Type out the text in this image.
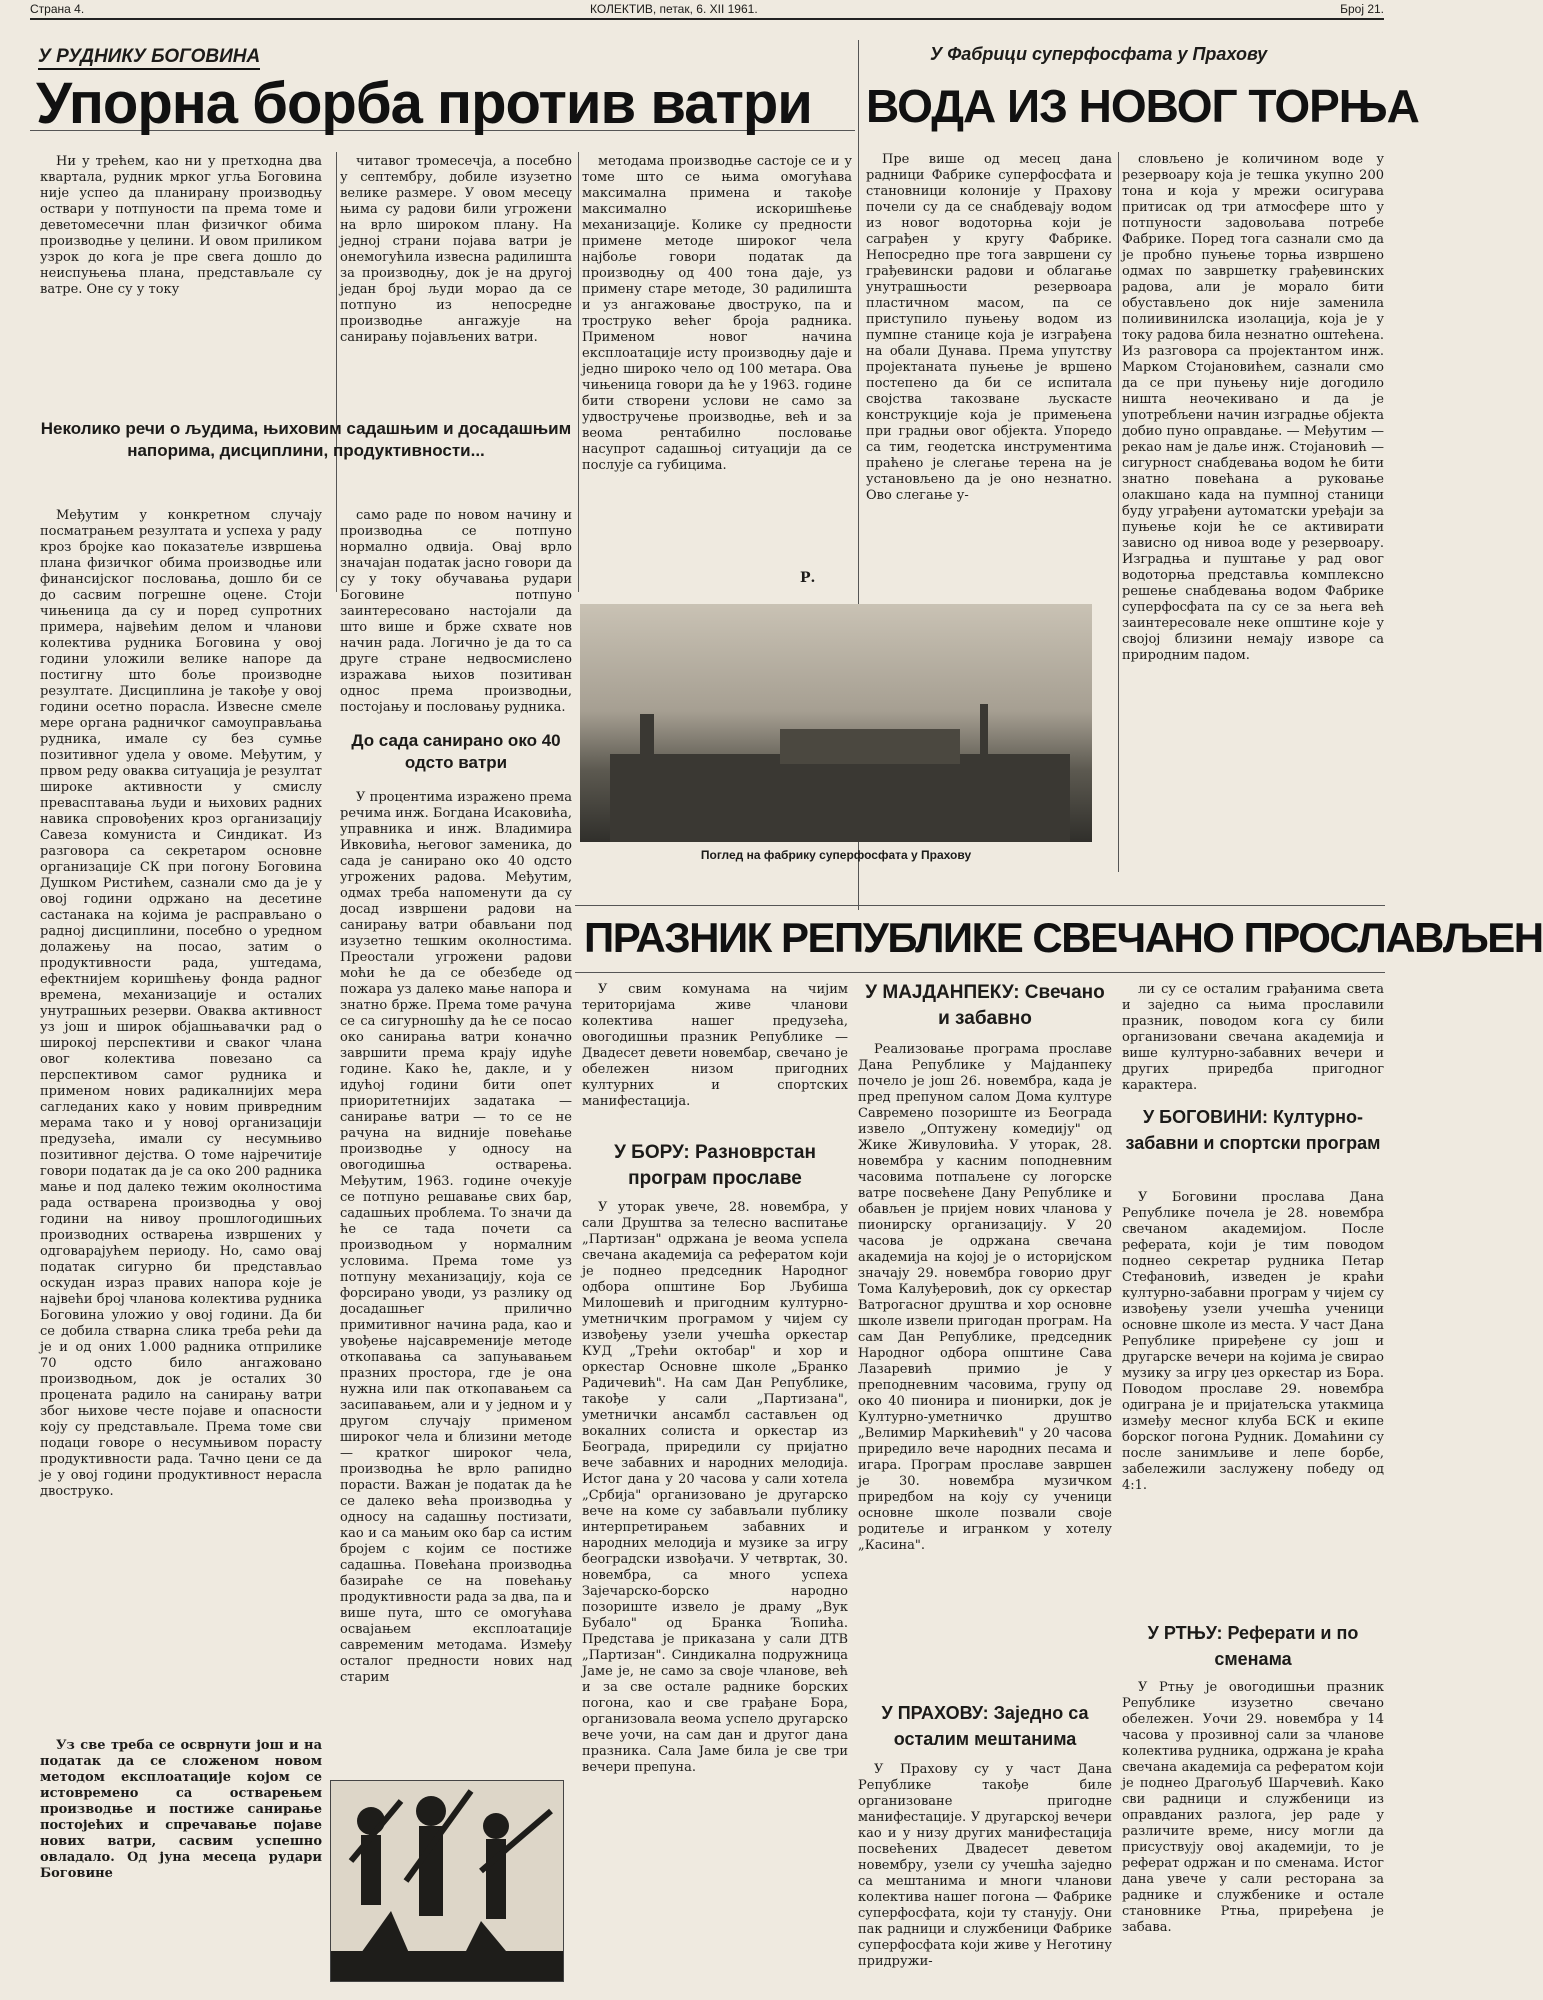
Страна 4.	КОЛЕКТИВ, петак, 6. XII 1961.	Број 21.
У РУДНИКУ БОГОВИНА
Упорна борба против ватри

Ни у трећем, као ни у претходна два квартала, рудник мрког угља Боговина није успео да планирану производњу оствари у потпуности па према томе и деветомесечни план физичког обима производње у целини. И овом приликом узрок до кога је пре свега дошло до неиспуњења плана, представљале су ватре. Оне су у току

читавог тромесечја, а посебно у септембру, добиле изузетно велике размере. У овом месецу њима су радови били угрожени на врло широком плану. На једној страни појава ватри је онемогућила извесна радилишта за производњу, док је на другој један број људи морао да се потпуно из непосредне производње ангажује на санирању појављених ватри.

Неколико речи о људима, њиховим садашњим и досадашњим напорима, дисциплини, продуктивности...

Међутим у конкретном случају посматрањем резултата и успеха у раду кроз бројке као показатеље извршења плана физичког обима производње или финансијског пословања, дошло би се до сасвим погрешне оцене. Стоји чињеница да су и поред супротних примера, највећим делом и чланови колектива рудника Боговина у овој години уложили велике напоре да постигну што боље производне резултате. Дисциплина је такође у овој години осетно порасла. Извесне смеле мере органа радничког самоуправљања рудника, имале су без сумње позитивног удела у овоме. Међутим, у првом реду оваква ситуација је резултат широке активности у смислу превасптавања људи и њихових радних навика спровођених кроз организацију Савеза комуниста и Синдикат. Из разговора са секретаром основне организације СК при погону Боговина Душком Ристићем, сазнали смо да је у овој години одржано на десетине састанака на којима је расправљано о радној дисциплини, посебно о уредном долажењу на посао, затим о продуктивности рада, уштедама, ефектнијем коришћењу фонда радног времена, механизације и осталих унутрашњих резерви. Оваква активност уз још и широк објашњавачки рад о широкој перспективи и сваког члана овог колектива повезано са перспективом самог рудника и применом нових радикалнијих мера сагледаних како у новим привредним мерама тако и у новој организацији предузећа, имали су несумњиво позитивног дејства. О томе најречитије говори податак да је са око 200 радника мање и под далеко тежим околностима рада остварена производња у овој години на нивоу прошлогодишњих производних остварења извршених у одговарајућем периоду. Но, само овај податак сигурно би представљао оскудан израз правих напора које је највећи број чланова колектива рудника Боговина уложио у овој години. Да би се добила стварна слика треба рећи да је и од оних 1.000 радника отприлике 70 одсто било ангажовано производњом, док је осталих 30 процената радило на санирању ватри због њихове честе појаве и опасности коју су представљале. Према томе сви подаци говоре о несумњивом порасту продуктивности рада. Тачно цени се да је у овој години продуктивност нерасла двоструко.

Уз све треба се осврнути још и на податак да се сложеном новом методом експлоатације којом се истовремено са остварењем производње и постиже санирање постојећих и спречавање појаве нових ватри, сасвим успешно овладало. Од јуна месеца рудари Боговине

само раде по новом начину и производња се потпуно нормално одвија. Овај врло значајан податак јасно говори да су у току обучавања рудари Боговине потпуно заинтересовано настојали да што више и брже схвате нов начин рада. Логично је да то са друге стране недвосмислено изражава њихов позитиван однос према производњи, постојању и пословању рудника.

До сада санирано око 40 одсто ватри

У процентима изражено према речима инж. Богдана Исаковића, управника и инж. Владимира Ивковића, његовог заменика, до сада је санирано око 40 одсто угрожених радова. Међутим, одмах треба напоменути да су досад извршени радови на санирању ватри обављани под изузетно тешким околностима. Преостали угрожени радови моћи ће да се обезбеде од пожара уз далеко мање напора и знатно брже. Према томе рачуна се са сигурношћу да ће се посао око санирања ватри коначно завршити према крају идуће године. Како ће, дакле, и у идућој години бити опет приоритетнијих задатака — санирање ватри — то се не рачуна на видније повећање производње у односу на овогодишња остварења. Међутим, 1963. године очекује се потпуно решавање свих бар, садашњих проблема. То значи да ће се тада почети са производњом у нормалним условима. Према томе уз потпуну механизацију, која се форсирано уводи, уз разлику од досадашњег прилично примитивног начина рада, као и увођење најсавременије методе откопавања са запуњавањем празних простора, где је она нужна или пак откопавањем са засипавањем, али и у једном и у другом случају применом широког чела и близини методе — кратког широког чела, производња ће врло рапидно порасти. Важан је податак да ће се далеко већа производња у односу на садашњу постизати, као и са мањим око бар са истим бројем с којим се постиже садашња. Повећана производња базираће се на повећању продуктивности рада за два, па и више пута, што се омогућава освајањем експлоатације савременим методама. Између осталог предности нових над старим

методама производње састоје се и у томе што се њима омогућава максимална примена и такође максимално искоришћење механизације. Колике су предности примене методе широког чела најбоље говори податак да производњу од 400 тона даје, уз примену старе методе, 30 радилишта и уз ангажовање двоструко, па и троструко већег броја радника. Применом новог начина експлоатације исту производњу даје и једно широко чело од 100 метара. Ова чињеница говори да ће у 1963. године бити створени услови не само за удвостручење производње, већ и за веома рентабилно пословање насупрот садашњој ситуацији да се послује са губицима.

Р.
У Фабрици суперфосфата у Прахову
ВОДА ИЗ НОВОГ ТОРЊА

Пре више од месец дана радници Фабрике суперфосфата и становници колоније у Прахову почели су да се снабдевају водом из новог водоторња који је саграђен у кругу Фабрике. Непосредно пре тога завршени су грађевински радови и облагање унутрашњости резервоара пластичном масом, па се приступило пуњењу водом из пумпне станице која је изграђена на обали Дунава. Према упутству пројектаната пуњење је вршено постепено да би се испитала својства такозване љускасте конструкције која је примењена при градњи овог објекта. Упоредо са тим, геодетска инструментима праћено је слегање терена на је установљено да је оно незнатно. Ово слегање у-

словљено је количином воде у резервоару која је тешка укупно 200 тона и која у мрежи осигурава притисак од три атмосфере што у потпуности задовољава потребе Фабрике. Поред тога сазнали смо да је пробно пуњење торња извршено одмах по завршетку грађевинских радова, али је морало бити обустављено док није заменила полиивинилска изолација, која је у току радова била незнатно оштећена. Из разговора са пројектантом инж. Марком Стојановићем, сазнали смо да се при пуњењу није догодило ништа неочекивано и да је употребљени начин изградње објекта добио пуно оправдање. — Међутим — рекао нам је даље инж. Стојановић — сигурност снабдевања водом ће бити знатно повећана а руковање олакшано када на пумпној станици буду уграђени аутоматски уређаји за пуњење који ће се активирати зависно од нивоа воде у резервоару. Изградња и пуштање у рад овог водоторња представља комплексно решење снабдевања водом Фабрике суперфосфата па су се за њега већ заинтересовале неке општине које у својој близини немају изворе са природним падом.

Поглед на фабрику суперфосфата у Прахову
ПРАЗНИК РЕПУБЛИКЕ СВЕЧАНО ПРОСЛАВЉЕН

У свим комунама на чијим територијама живе чланови колектива нашег предузећа, овогодишњи празник Републике — Двадесет девети новембар, свечано је обележен низом пригодних културних и спортских манифестација.

У БОРУ: Разноврстан програм прославе

У уторак увече, 28. новембра, у сали Друштва за телесно васпитање „Партизан" одржана је веома успела свечана академија са рефератом који је поднео председник Народног одбора општине Бор Љубиша Милошевић и пригодним културно-уметничким програмом у чијем су извођењу узели учешћа оркестар КУД „Трећи октобар" и хор и оркестар Основне школе „Бранко Радичевић". На сам Дан Републике, такође у сали „Партизана", уметнички ансамбл састављен од вокалних солиста и оркестар из Београда, приредили су пријатно вече забавних и народних мелодија. Истог дана у 20 часова у сали хотела „Србија" организовано је другарско вече на коме су забављали публику интерпретирањем забавних и народних мелодија и музике за игру београдски извођачи. У четвртак, 30. новембра, са много успеха Зајечарско-борско народно позориште извело је драму „Вук Бубало" од Бранка Ћопића. Представа је приказана у сали ДТВ „Партизан". Синдикална подружница Јаме је, не само за своје чланове, већ и за све остале раднике борских погона, као и све грађане Бора, организовала веома успело другарско вече уочи, на сам дан и другог дана празника. Сала Јаме била је све три вечери препуна.

У МАЈДАНПЕКУ: Свечано и забавно

Реализовање програма прославе Дана Републике у Мајданпеку почело је још 26. новембра, када је пред препуном салом Дома културе Савремено позориште из Београда извело „Оптужену комедију" од Жике Живуловића. У уторак, 28. новембра у касним поподневним часовима потпаљене су логорске ватре посвећене Дану Републике и обављен је пријем нових чланова у пионирску организацију. У 20 часова је одржана свечана академија на којој је о историјском значају 29. новембра говорио друг Тома Калуђеровић, док су оркестар Ватрогасног друштва и хор основне школе извели пригодан програм. На сам Дан Републике, председник Народног одбора општине Сава Лазаревић примио је у преподневним часовима, групу од око 40 пионира и пионирки, док је Културно-уметничко друштво „Велимир Маркићевић" у 20 часова приредило вече народних песама и игара. Програм прославе завршен је 30. новембра музичком приредбом на коју су ученици основне школе позвали своје родитеље и игранком у хотелу „Касина".

У ПРАХОВУ: Заједно са осталим мештанима

У Прахову су у част Дана Републике такође биле организоване пригодне манифестације. У другарској вечери као и у низу других манифестација посвећених Двадесет деветом новембру, узели су учешћа заједно са мештанима и многи чланови колектива нашег погона — Фабрике суперфосфата, који ту станују. Они пак радници и службеници Фабрике суперфосфата који живе у Неготину придружи-

ли су се осталим грађанима света и заједно са њима прославили празник, поводом кога су били организовани свечана академија и више културно-забавних вечери и других приредба пригодног карактера.

У БОГОВИНИ: Културно-забавни и спортски програм

У Боговини прослава Дана Републике почела је 28. новембра свечаном академијом. После реферата, који је тим поводом поднео секретар рудника Петар Стефановић, изведен је краћи културно-забавни програм у чијем су извођењу узели учешћа ученици основне школе из места. У част Дана Републике приређене су још и другарске вечери на којима је свирао музику за игру џез оркестар из Бора. Поводом прославе 29. новембра одиграна је и пријатељска утакмица између месног клуба БСК и екипе борског погона Рудник. Домаћини су после занимљиве и лепе борбе, забележили заслужену победу од 4:1.

У РТЊУ: Реферати и по сменама

У Ртњу је овогодишњи празник Републике изузетно свечано обележен. Уочи 29. новембра у 14 часова у прозивној сали за чланове колектива рудника, одржана је краћа свечана академија са рефератом који је поднео Драгољуб Шарчевић. Како сви радници и службеници из оправданих разлога, јер раде у различите време, нису могли да присуствују овој академији, то је реферат одржан и по сменама. Истог дана увече у сали ресторана за раднике и службенике и остале становнике Ртња, приређена је забава.
